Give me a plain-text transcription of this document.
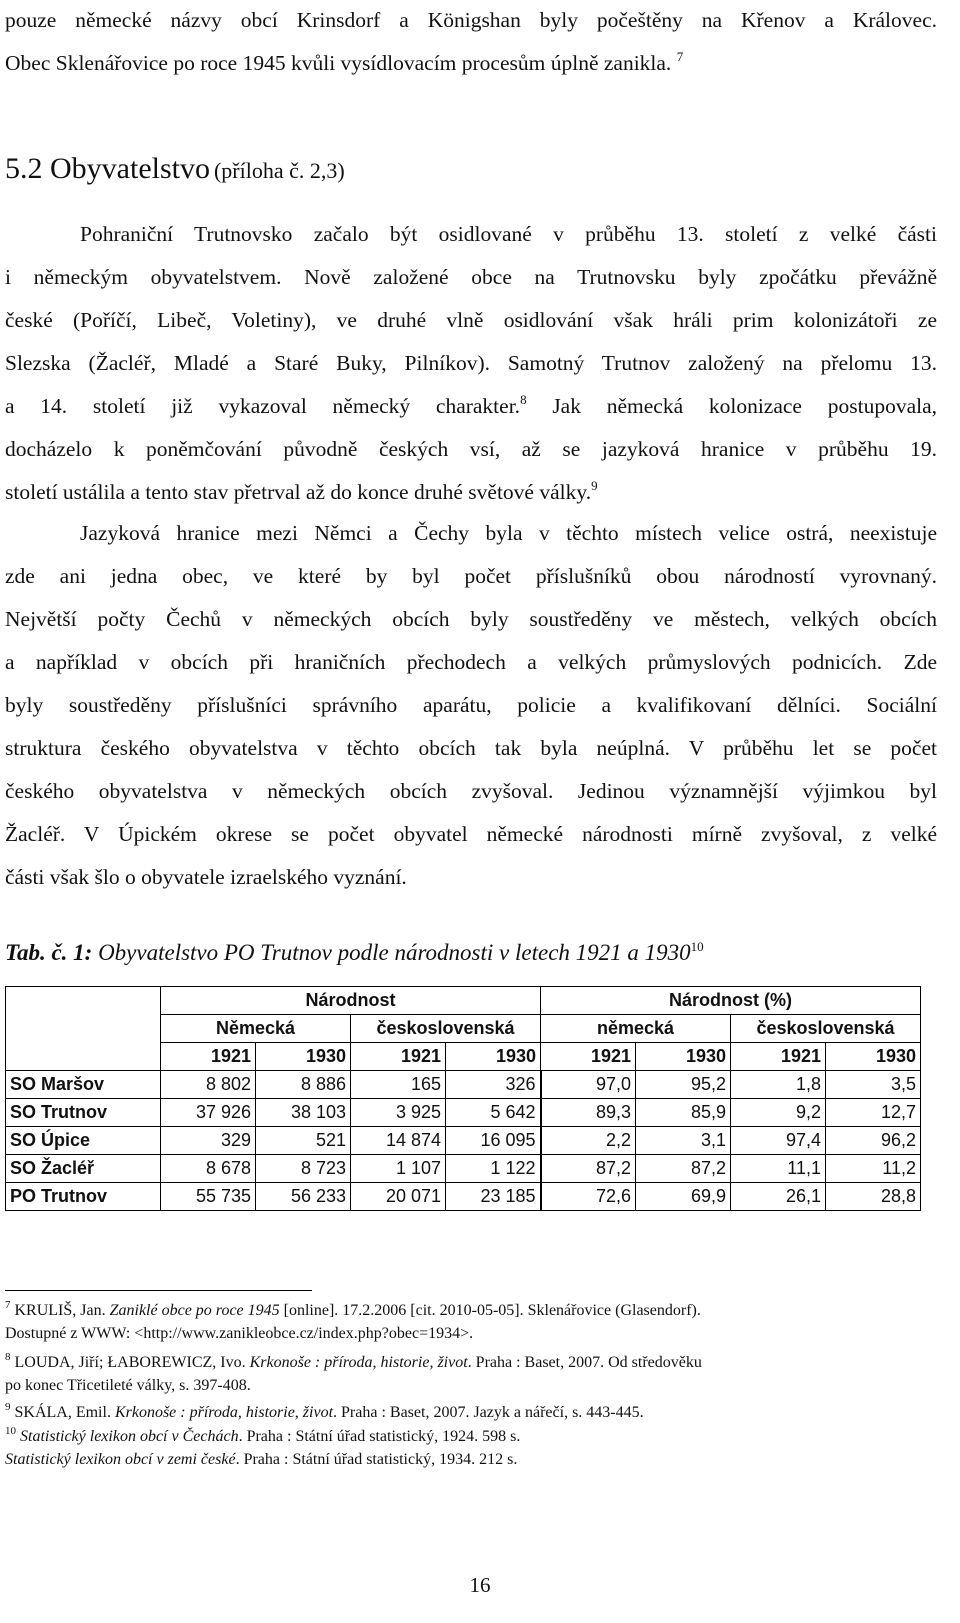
pouze německé názvy obcí Krinsdorf a Königshan byly počeštěny na Křenov a Královec.
Obec Sklenářovice po roce 1945 kvůli vysídlovacím procesům úplně zanikla. $^7$
5.2 Obyvatelstvo (příloha č. 2,3)
Pohraniční Trutnovsko začalo být osidlované v průběhu 13. století z velké části
i německým obyvatelstvem. Nově založené obce na Trutnovsku byly zpočátku převážně
české (Poříčí, Libeč, Voletiny), ve druhé vlně osidlování však hráli prim kolonizátoři ze
Slezska (Žacléř, Mladé a Staré Buky, Pilníkov). Samotný Trutnov založený na přelomu 13.
a 14. století již vykazoval německý charakter.$^8$ Jak německá kolonizace postupovala,
docházelo k poněmčování původně českých vsí, až se jazyková hranice v průběhu 19.
století ustálila a tento stav přetrval až do konce druhé světové války.$^9$
Jazyková hranice mezi Němci a Čechy byla v těchto místech velice ostrá, neexistuje
zde ani jedna obec, ve které by byl počet příslušníků obou národností vyrovnaný.
Největší počty Čechů v německých obcích byly soustředěny ve městech, velkých obcích
a například v obcích při hraničních přechodech a velkých průmyslových podnicích. Zde
byly soustředěny příslušníci správního aparátu, policie a kvalifikovaní dělníci. Sociální
struktura českého obyvatelstva v těchto obcích tak byla neúplná. V průběhu let se počet
českého obyvatelstva v německých obcích zvyšoval. Jedinou významnější výjimkou byl
Žacléř. V Úpickém okrese se počet obyvatel německé národnosti mírně zvyšoval, z velké
části však šlo o obyvatele izraelského vyznání.
Tab. č. 1: Obyvatelstvo PO Trutnov podle národnosti v letech 1921 a 1930$^{10}$
	Národnost				Národnost (%)			
	Německá		československá		německá		československá	
	1921	1930	1921	1930	1921	1930	1921	1930
SO Maršov	8 802	8 886	165	326	97,0	95,2	1,8	3,5
SO Trutnov	37 926	38 103	3 925	5 642	89,3	85,9	9,2	12,7
SO Úpice	329	521	14 874	16 095	2,2	3,1	97,4	96,2
SO Žacléř	8 678	8 723	1 107	1 122	87,2	87,2	11,1	11,2
PO Trutnov	55 735	56 233	20 071	23 185	72,6	69,9	26,1	28,8
$^7$ KRULIŠ, Jan. Zaniklé obce po roce 1945 [online]. 17.2.2006 [cit. 2010-05-05]. Sklenářovice (Glasendorf).
Dostupné z WWW: <http://www.zanikleobce.cz/index.php?obec=1934>.
$^8$ LOUDA, Jiří; ŁABOREWICZ, Ivo. Krkonoše : příroda, historie, život. Praha : Baset, 2007. Od středověku
po konec Třicetileté války, s. 397-408.
$^9$ SKÁLA, Emil. Krkonoše : příroda, historie, život. Praha : Baset, 2007. Jazyk a nářečí, s. 443-445.
$^{10}$ Statistický lexikon obcí v Čechách. Praha : Státní úřad statistický, 1924. 598 s.
Statistický lexikon obcí v zemi české. Praha : Státní úřad statistický, 1934. 212 s.
16
